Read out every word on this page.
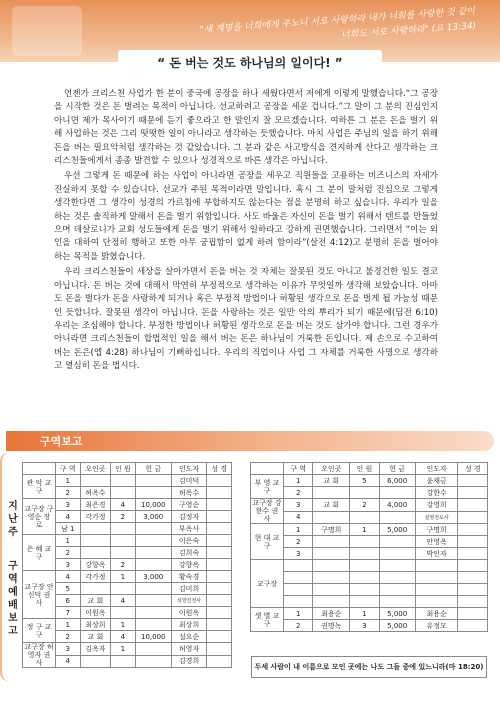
"새 계명을 너희에게 주노니 서로 사랑하라 내가 너희를 사랑한 것 같이 너희도 서로 사랑하라" (요 13:34)
“ 돈 버는 것도 하나님의 일이다! ”

언젠가 크리스천 사업가 한 분이 중국에 공장을 하나 세웠다면서 저에게 이렇게 말했습니다.“그 공장을 시작한 것은 돈 벌려는 목적이 아닙니다. 선교하려고 공장을 세운 겁니다.”그 말이 그 분의 진심인지 아니면 제가 목사이기 때문에 듣기 좋으라고 한 말인지 잘 모르겠습니다. 여하튼 그 분은 돈을 벌기 위해 사업하는 것은 그리 떳떳한 일이 아니라고 생각하는 듯했습니다. 마치 사업은 주님의 일을 하기 위해 돈을 버는 필요악처럼 생각하는 것 같았습니다. 그 분과 같은 사고방식을 견지하게 산다고 생각하는 크리스천들에게서 종종 발견할 수 있으나 성경적으로 바른 생각은 아닙니다.

우선 그렇게 돈 때문에 하는 사업이 아니라면 공장을 세우고 직원들을 고용하는 비즈니스의 자세가 진실하지 못할 수 있습니다. 선교가 주된 목적이라면 말입니다. 혹시 그 분이 말처럼 진심으로 그렇게 생각한다면 그 생각이 성경의 가르침에 부합하지도 않는다는 점을 분명히 하고 싶습니다. 우리가 일을 하는 것은 솔직하게 말해서 돈을 벌기 위함입니다. 사도 바울은 자신이 돈을 벌기 위해서 텐트를 만들었으며 데살로니가 교회 성도들에게 돈을 벌기 위해서 일하라고 강하게 권면했습니다. 그러면서 “이는 외인을 대하여 단정히 행하고 또한 아무 궁핍함이 없게 하려 함이라”(살전 4:12)고 분명히 돈을 벌어야 하는 목적을 밝혔습니다.

우리 크리스천들이 세상을 살아가면서 돈을 버는 것 자체는 잘못된 것도 아니고 불경건한 일도 결코 아닙니다. 돈 버는 것에 대해서 막연히 부정적으로 생각하는 이유가 무엇일까 생각해 보았습니다. 아마도 돈을 벌다가 돈을 사랑하게 되거나 혹은 부정적 방법이나 허황된 생각으로 돈을 벌게 될 가능성 때문인 듯합니다. 잘못된 생각이 아닙니다. 돈을 사랑하는 것은 일만 악의 뿌리가 되기 때문에(딤전 6:10) 우리는 조심해야 합니다. 부정한 방법이나 허황된 생각으로 돈을 버는 것도 삼가야 합니다. 그런 경우가 아니라면 크리스천들이 합법적인 일을 해서 버는 돈은 하나님이 거룩한 돈입니다. 제 손으로 수고하여 버는 돈은(엡 4:28) 하나님이 기뻐하십니다. 우리의 직업이나 사업 그 자체를 거룩한 사명으로 생각하고 열심히 돈을 법시다.

구역보고
지 난 주
구 역 예 배 보 고
	구 역	오인곳	인 원	헌 금	인도자	성 경
관 악 교 구	1				김미덕	
	2	허옥수			허옥수	
교구장 구영순 장 로	3	최은경	4	10,000	구영순	
	4	각가정	2	3,000	김정자	
	남 1				부옥사	
은 혜 교 구	1				이은숙	
	2				김희숙	
	3	강향옥	2		강향옥	
교구장 안신덕 권 사	4	각가정	1	3,000	황숙경	
	5				김미희	
	6	교 회	4		심양진전사	
	7	이원옥			이원옥	
정 구 교 구	1	최상희	1		최상희	
	2	교 회	4	10,000	설요순	
교구장 허영자 권 사	3	김옥자	1		허영자	
	4				김경희	
	구 역	오인곳	인 원	헌 금	인도자	성 경
부 영 교 구	1	교 회	5	6,000	윤재금	
	2				강한수	
교구장 강한수 권 사	3	교 회	2	4,000	강영희	
	4				심영전도사	
현 대 교 구	1	구명희	1	5,000	구명희	
	2				안영옥	
	3				박인자	
교구장						

샛 별 교 구	1	최용순	1	5,000	최용순	
	2	권명녹	3	5,000	유정모	
두세 사람이 내 이름으로 모인 곳에는 나도 그들 중에 있느니라(마 18:20)
